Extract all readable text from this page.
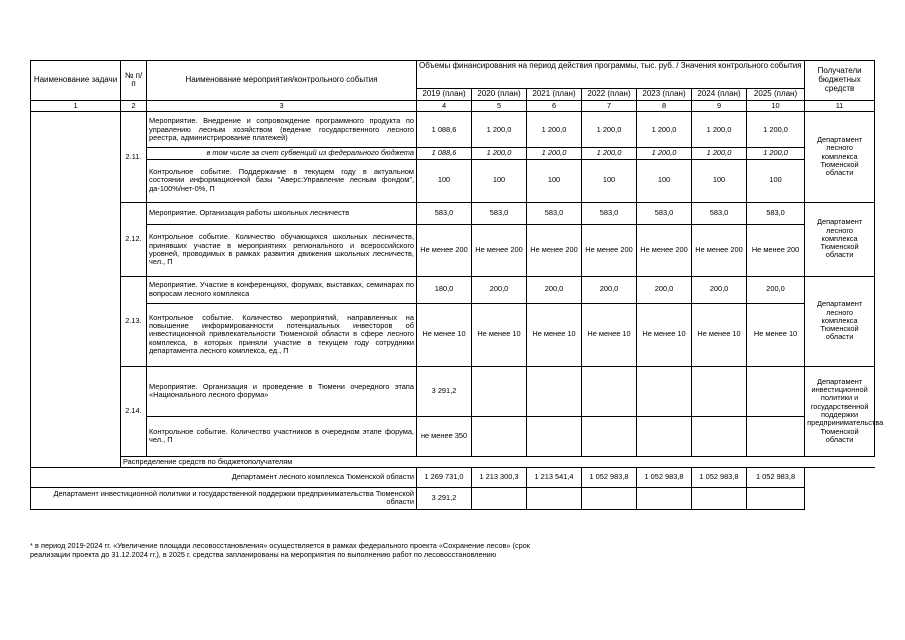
Наименование задачи	№ п/п	Наименование мероприятия/контрольного события	Объемы финансирования на период действия программы, тыс. руб. / Значения контрольного события							Получатели бюджетных средств
			2019 (план)	2020 (план)	2021 (план)	2022 (план)	2023 (план)	2024 (план)	2025 (план)	
1	2	3	4	5	6	7	8	9	10	11
	2.11.	Мероприятие. Внедрение и сопровождение программного продукта по управлению лесным хозяйством (ведение государственного лесного реестра, администрирование платежей)	1 088,6	1 200,0	1 200,0	1 200,0	1 200,0	1 200,0	1 200,0	Департамент лесного комплекса Тюменской области
		в том числе за счет субвенций из федерального бюджета	1 088,6	1 200,0	1 200,0	1 200,0	1 200,0	1 200,0	1 200,0	
		Контрольное событие. Поддержание в текущем году в актуальном состоянии информационной базы "Аверс:Управление лесным фондом", да-100%/нет-0%, П	100	100	100	100	100	100	100	
	2.12.	Мероприятие. Организация работы школьных лесничеств	583,0	583,0	583,0	583,0	583,0	583,0	583,0	Департамент лесного комплекса Тюменской области
		Контрольное событие. Количество обучающихся школьных лесничеств, принявших участие в мероприятиях регионального и всероссийского уровней, проводимых в рамках развития движения школьных лесничеств, чел., П	Не менее 200	Не менее 200	Не менее 200	Не менее 200	Не менее 200	Не менее 200	Не менее 200	
	2.13.	Мероприятие. Участие в конференциях, форумах, выставках, семинарах по вопросам лесного комплекса	180,0	200,0	200,0	200,0	200,0	200,0	200,0	Департамент лесного комплекса Тюменской области
		Контрольное событие. Количество мероприятий, направленных на повышение информированности потенциальных инвесторов об инвестиционной привлекательности Тюменской области в сфере лесного комплекса, в которых приняли участие в текущем году сотрудники департамента лесного комплекса, ед., П	Не менее 10	Не менее 10	Не менее 10	Не менее 10	Не менее 10	Не менее 10	Не менее 10	
	2.14.	Мероприятие. Организация и проведение в Тюмени очередного этапа «Национального лесного форума»	3 291,2							Департамент инвестиционной политики и государственной поддержки предпринимательства Тюменской области
		Контрольное событие. Количество участников в очередном этапе форума, чел., П	не менее 350							
	Распределение средств по бюджетополучателям									
Департамент лесного комплекса Тюменской области			1 269 731,0	1 213 300,3	1 213 541,4	1 052 983,8	1 052 983,8	1 052 983,8	1 052 983,8	
Департамент инвестиционной политики и государственной поддержки предпринимательства Тюменской области			3 291,2							
* в период 2019-2024 гг. «Увеличение площади лесовосстановления» осуществляется в рамках федерального проекта «Сохранение лесов» (срок реализации проекта до 31.12.2024 гг.), в 2025 г. средства запланированы на мероприятия по выполнению работ по лесовосстановлению
